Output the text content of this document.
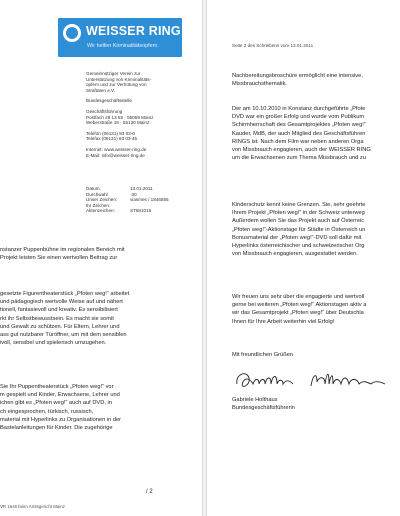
WEISSER RING
Wir helfen Kriminalitätsopfern.
Gemeinnütziger Verein zur
Unterstützung von Kriminalitäts-
opfern und zur Verhütung von
Straftaten e.V.
Bundesgeschäftsstelle
Geschäftsführung
Postfach 26 13 55 · 55059 Mainz
Weberstraße 16 · 55130 Mainz
Telefon (06131) 83 03-0
Telefax (06131) 83 03-45
Internet: www.weisser-ring.de
E-Mail: info@weisser-ring.de
Datum:	13.01.2011
Durchwahl	-30
Unser Zeichen:	vias/nes / 1846565
Ihr Zeichen:
Aktenzeichen:	ST681015
nstanzer Puppenbühne im regionalen Bereich mit
Projekt leisten Sie einen wertvollen Beitrag zur
gesetzte Figurentheaterstück „Pfoten weg!“ arbeitet
und pädagogisch wertvolle Weise auf und nähert
tionell, fantasievoll und kreativ. Es sensibilisiert
rkt ihr Selbstbewusstsein. Es macht sie somit
und Gewalt zu schützen. Für Eltern, Lehrer und
ass gut nutzbarer Türöffner, um mit dem sensiblen
ivoll, sensibel und spielerisch umzugehen.
Sie Ihr Puppentheaterstück „Pfoten weg!“ vor
m gespielt und Kinder, Erwachsene, Lehrer und
ichen gibt es „Pfoten weg!“ auch auf DVD, in
ch eingesprochen, türkisch, russisch,
material mit Hyperlinks zu Organisationen in der
Bastelanleitungen für Kinder. Die zugehörige
/ 2
VR 1646 beim Amtsgericht Mainz
Seite 2 des Schreibens vom 13.01.2011
Nachbereitungsbroschüre ermöglicht eine intensive,
Missbrauchsthematik.
Der am 10.10.2010 in Konstanz durchgeführte „Pfote
DVD war ein großer Erfolg und wurde vom Publikum
Schirmherrschaft des Gesamtprojektes „Pfoten weg!“
Kauder, MdB, der auch Mitglied des Geschäftsführen
RINGS ist. Nach dem Film war neben anderen Orga
von Missbrauch engagieren, auch der WEISSER RING
um die Erwachsenen zum Thema Missbrauch und zu
Kinderschutz kennt keine Grenzen. Sie, sehr geehrte
Ihrem Projekt „Pfoten weg!“ in der Schweiz unterweg
Außerdem wollen Sie das Projekt auch auf Österreic
„Pfoten weg!“-Aktionstage für Städte in Österreich un
Bonusmaterial der „Pfoten weg!“-DVD soll dafür mit
Hyperlinks österreichischer und schweizerischer Org
von Missbrauch engagieren, ausgestattet werden.
Wir freuen uns sehr über die engagierte und wertvoll
gerne bei weiteren „Pfoten weg!“ Aktionstagen aktiv a
wir das Gesamtprojekt „Pfoten weg!“ über Deutschla
Ihnen für Ihre Arbeit weiterhin viel Erfolg!
Mit freundlichen Grüßen
Gabriele Holthaus
Bundesgeschäftsführerin
